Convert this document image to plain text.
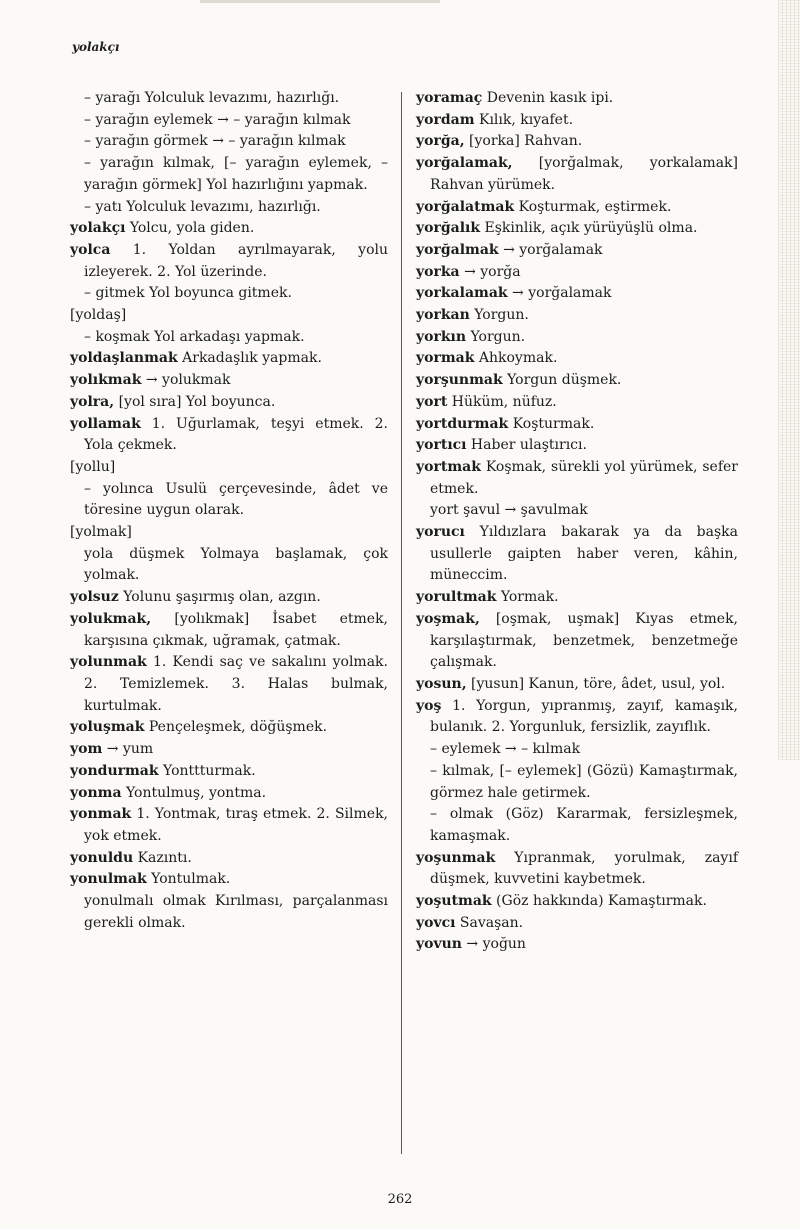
yolakçı
– yarağı Yolculuk levazımı, hazırlığı.
– yarağın eylemek → – yarağın kılmak
– yarağın görmek → – yarağın kılmak
– yarağın kılmak, [– yarağın eylemek, – yarağın görmek] Yol hazırlığını yapmak.
– yatı Yolculuk levazımı, hazırlığı.
yolakçı Yolcu, yola giden.
yolca 1. Yoldan ayrılmayarak, yolu izleyerek. 2. Yol üzerinde.
– gitmek Yol boyunca gitmek.
[yoldaş]
– koşmak Yol arkadaşı yapmak.
yoldaşlanmak Arkadaşlık yapmak.
yolıkmak → yolukmak
yolra, [yol sıra] Yol boyunca.
yollamak 1. Uğurlamak, teşyi etmek. 2. Yola çekmek.
[yollu]
– yolınca Usulü çerçevesinde, âdet ve töresine uygun olarak.
[yolmak]
yola düşmek Yolmaya başlamak, çok yolmak.
yolsuz Yolunu şaşırmış olan, azgın.
yolukmak, [yolıkmak] İsabet etmek, karşısına çıkmak, uğramak, çatmak.
yolunmak 1. Kendi saç ve sakalını yolmak. 2. Temizlemek. 3. Halas bulmak, kurtulmak.
yoluşmak Pençeleşmek, döğüşmek.
yom → yum
yondurmak Yonttturmak.
yonma Yontulmuş, yontma.
yonmak 1. Yontmak, tıraş etmek. 2. Silmek, yok etmek.
yonuldu Kazıntı.
yonulmak Yontulmak.
yonulmalı olmak Kırılması, parçalanması gerekli olmak.
yoramaç Devenin kasık ipi.
yordam Kılık, kıyafet.
yorğa, [yorka] Rahvan.
yorğalamak, [yorğalmak, yorkalamak] Rahvan yürümek.
yorğalatmak Koşturmak, eştirmek.
yorğalık Eşkinlik, açık yürüyüşlü olma.
yorğalmak → yorğalamak
yorka → yorğa
yorkalamak → yorğalamak
yorkan Yorgun.
yorkın Yorgun.
yormak Ahkoymak.
yorşunmak Yorgun düşmek.
yort Hüküm, nüfuz.
yortdurmak Koşturmak.
yortıcı Haber ulaştırıcı.
yortmak Koşmak, sürekli yol yürümek, sefer etmek.
yort şavul → şavulmak
yorucı Yıldızlara bakarak ya da başka usullerle gaipten haber veren, kâhin, müneccim.
yorultmak Yormak.
yoşmak, [oşmak, uşmak] Kıyas etmek, karşılaştırmak, benzetmek, benzetmeğe çalışmak.
yosun, [yusun] Kanun, töre, âdet, usul, yol.
yoş 1. Yorgun, yıpranmış, zayıf, kamaşık, bulanık. 2. Yorgunluk, fersizlik, zayıflık.
– eylemek → – kılmak
– kılmak, [– eylemek] (Gözü) Kamaştırmak, görmez hale getirmek.
– olmak (Göz) Kararmak, fersizleşmek, kamaşmak.
yoşunmak Yıpranmak, yorulmak, zayıf düşmek, kuvvetini kaybetmek.
yoşutmak (Göz hakkında) Kamaştırmak.
yovcı Savaşan.
yovun → yoğun
262
